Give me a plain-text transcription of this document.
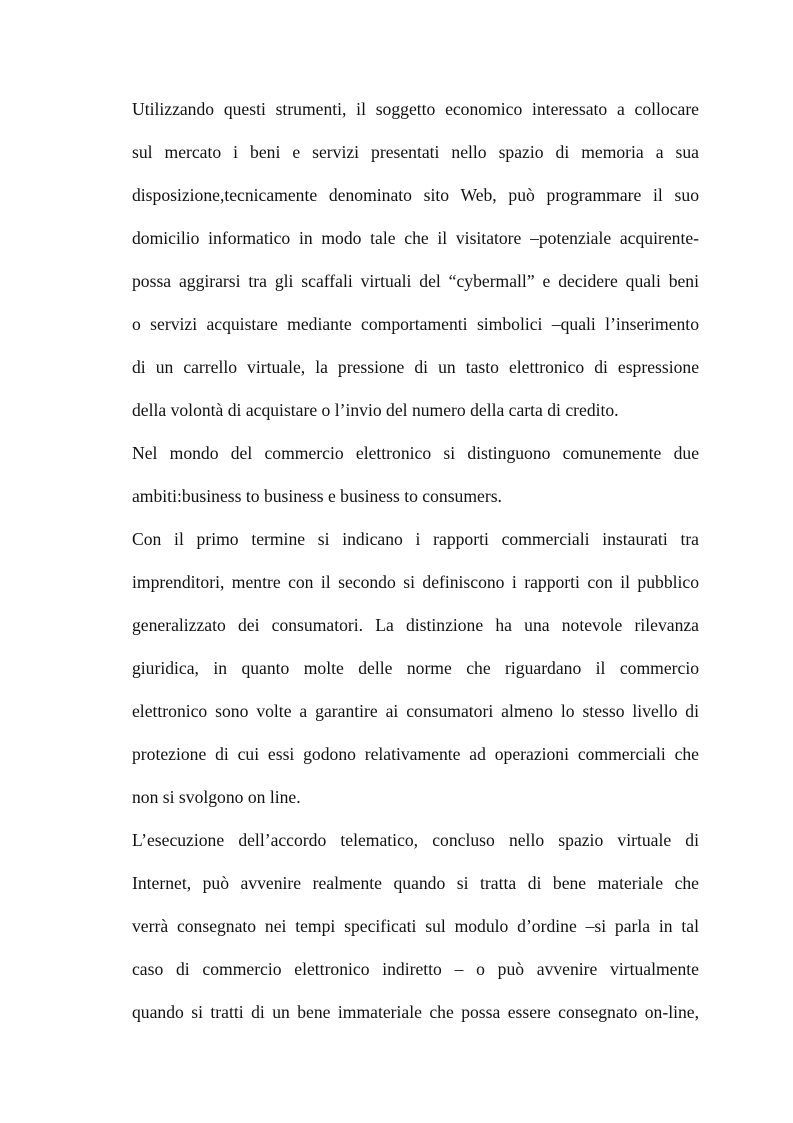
Utilizzando questi strumenti, il soggetto economico interessato a collocare
sul mercato i beni e servizi presentati nello spazio di memoria a sua
disposizione,tecnicamente denominato sito Web, può programmare il suo
domicilio informatico in modo tale che il visitatore –potenziale acquirente-
possa aggirarsi tra gli scaffali virtuali del “cybermall” e decidere quali beni
o servizi acquistare mediante comportamenti simbolici –quali l’inserimento
di un carrello virtuale, la pressione di un tasto elettronico di espressione
della volontà di acquistare o l’invio del numero della carta di credito.
Nel mondo del commercio elettronico si distinguono comunemente due
ambiti:business to business e business to consumers.
Con il primo termine si indicano i rapporti commerciali instaurati tra
imprenditori, mentre con il secondo si definiscono i rapporti con il pubblico
generalizzato dei consumatori. La distinzione ha una notevole rilevanza
giuridica, in quanto molte delle norme che riguardano il commercio
elettronico sono volte a garantire ai consumatori almeno lo stesso livello di
protezione di cui essi godono relativamente ad operazioni commerciali che
non si svolgono on line.
L’esecuzione dell’accordo telematico, concluso nello spazio virtuale di
Internet, può avvenire realmente quando si tratta di bene materiale che
verrà consegnato nei tempi specificati sul modulo d’ordine –si parla in tal
caso di commercio elettronico indiretto – o può avvenire virtualmente
quando si tratti di un bene immateriale che possa essere consegnato on-line,
